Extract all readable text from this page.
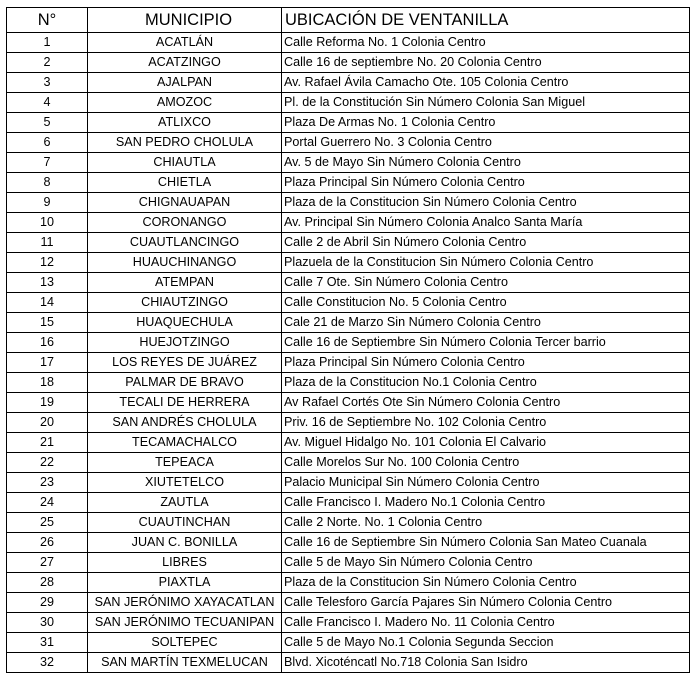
N°	MUNICIPIO	UBICACIÓN DE VENTANILLA
1	ACATLÁN	Calle Reforma No. 1 Colonia Centro
2	ACATZINGO	Calle 16 de septiembre No. 20 Colonia Centro
3	AJALPAN	Av. Rafael Ávila Camacho Ote. 105 Colonia Centro
4	AMOZOC	Pl. de la Constitución Sin Número Colonia San Miguel
5	ATLIXCO	Plaza De Armas No. 1 Colonia Centro
6	SAN PEDRO CHOLULA	Portal Guerrero No. 3 Colonia Centro
7	CHIAUTLA	Av. 5 de Mayo Sin Número Colonia Centro
8	CHIETLA	Plaza Principal Sin Número Colonia Centro
9	CHIGNAUAPAN	Plaza de la Constitucion Sin Número Colonia Centro
10	CORONANGO	Av. Principal Sin Número Colonia Analco Santa María
11	CUAUTLANCINGO	Calle 2 de Abril Sin Número Colonia Centro
12	HUAUCHINANGO	Plazuela de la Constitucion Sin Número Colonia Centro
13	ATEMPAN	Calle 7 Ote. Sin Número Colonia Centro
14	CHIAUTZINGO	Calle Constitucion No. 5 Colonia Centro
15	HUAQUECHULA	Cale 21 de Marzo Sin Número Colonia Centro
16	HUEJOTZINGO	Calle 16 de Septiembre Sin Número Colonia Tercer barrio
17	LOS REYES DE JUÁREZ	Plaza Principal Sin Número Colonia Centro
18	PALMAR DE BRAVO	Plaza de la Constitucion No.1 Colonia Centro
19	TECALI DE HERRERA	Av Rafael Cortés Ote Sin Número Colonia Centro
20	SAN ANDRÉS CHOLULA	Priv. 16 de Septiembre No. 102 Colonia Centro
21	TECAMACHALCO	Av. Miguel Hidalgo No. 101 Colonia El Calvario
22	TEPEACA	Calle Morelos Sur No. 100 Colonia Centro
23	XIUTETELCO	Palacio Municipal Sin Número Colonia Centro
24	ZAUTLA	Calle Francisco I. Madero No.1 Colonia Centro
25	CUAUTINCHAN	Calle 2 Norte. No. 1 Colonia Centro
26	JUAN C. BONILLA	Calle 16 de Septiembre Sin Número Colonia San Mateo Cuanala
27	LIBRES	Calle 5 de Mayo Sin Número Colonia Centro
28	PIAXTLA	Plaza de la Constitucion Sin Número Colonia Centro
29	SAN JERÓNIMO XAYACATLAN	Calle Telesforo García Pajares Sin Número Colonia Centro
30	SAN JERÓNIMO TECUANIPAN	Calle Francisco I. Madero No. 11 Colonia Centro
31	SOLTEPEC	Calle 5 de Mayo No.1 Colonia Segunda Seccion
32	SAN MARTÍN TEXMELUCAN	Blvd. Xicoténcatl No.718 Colonia San Isidro
